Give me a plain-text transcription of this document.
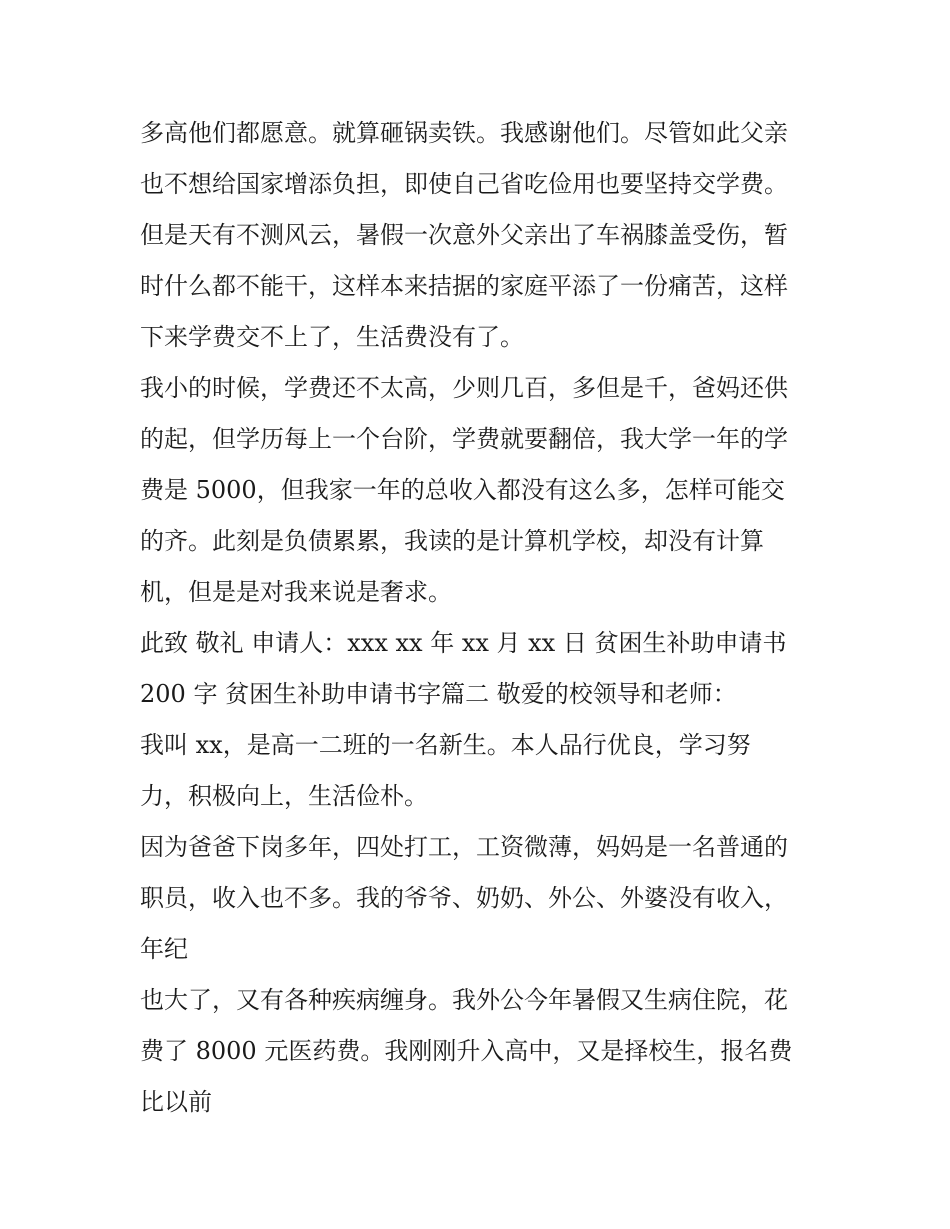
多高他们都愿意。就算砸锅卖铁。我感谢他们。尽管如此父亲
也不想给国家增添负担，即使自己省吃俭用也要坚持交学费。
但是天有不测风云，暑假一次意外父亲出了车祸膝盖受伤，暂
时什么都不能干，这样本来拮据的家庭平添了一份痛苦，这样
下来学费交不上了，生活费没有了。
我小的时候，学费还不太高，少则几百，多但是千，爸妈还供
的起，但学历每上一个台阶，学费就要翻倍，我大学一年的学
费是 5000，但我家一年的总收入都没有这么多，怎样可能交
的齐。此刻是负债累累，我读的是计算机学校，却没有计算
机，但是是对我来说是奢求。
此致 敬礼 申请人：xxx xx 年 xx 月 xx 日 贫困生补助申请书
200 字 贫困生补助申请书字篇二 敬爱的校领导和老师：
我叫 xx，是高一二班的一名新生。本人品行优良，学习努
力，积极向上，生活俭朴。
因为爸爸下岗多年，四处打工，工资微薄，妈妈是一名普通的
职员，收入也不多。我的爷爷、奶奶、外公、外婆没有收入，
年纪
也大了，又有各种疾病缠身。我外公今年暑假又生病住院，花
费了 8000 元医药费。我刚刚升入高中，又是择校生，报名费
比以前
